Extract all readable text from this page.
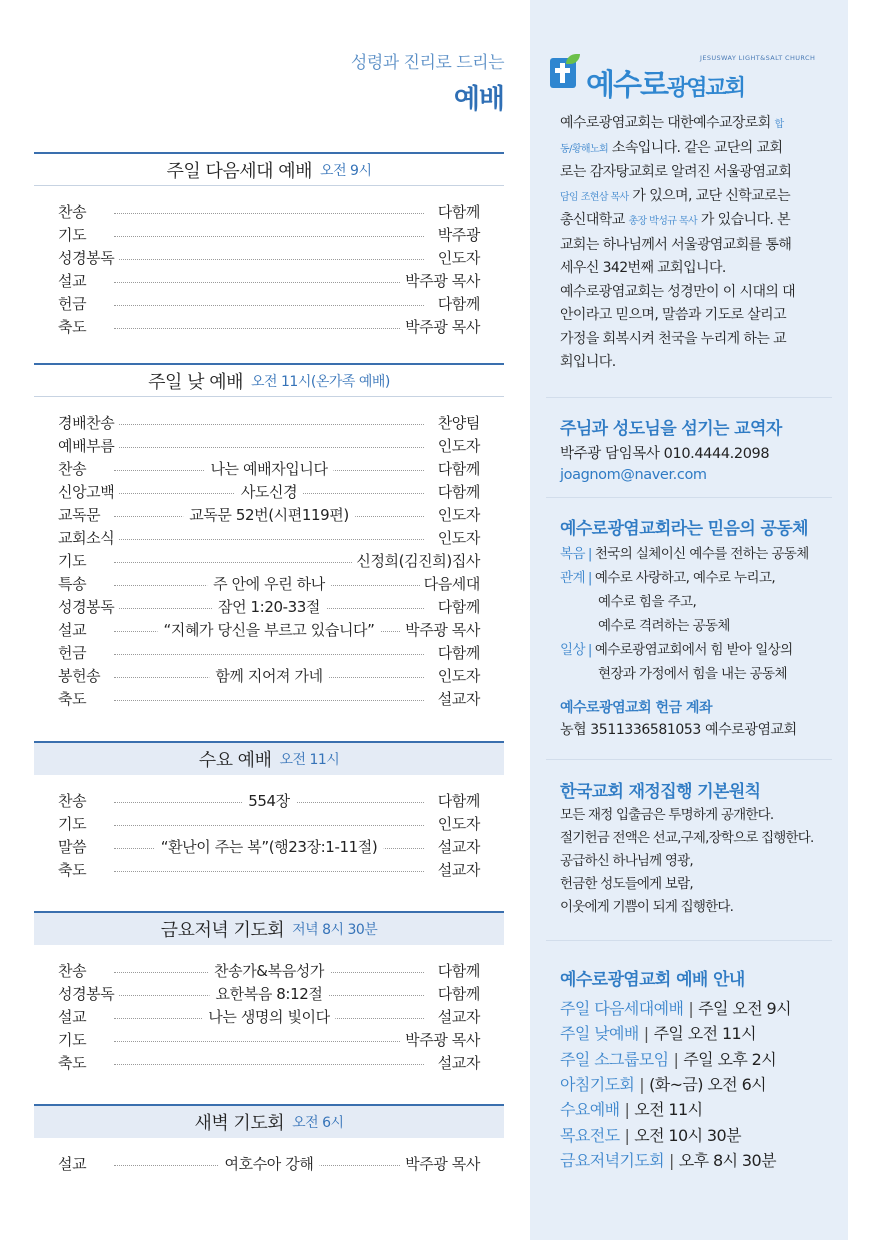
성령과 진리로 드리는
예배
주일 다음세대 예배 오전 9시
찬송	다함께
기도	박주광
성경봉독	인도자
설교	박주광 목사
헌금	다함께
축도	박주광 목사
주일 낮 예배 오전 11시(온가족 예배)
경배찬송	찬양팀
예배부름	인도자
찬송	나는 예배자입니다	다함께
신앙고백	사도신경	다함께
교독문	교독문 52번(시편119편)	인도자
교회소식	인도자
기도	신정희(김진희)집사
특송	주 안에 우린 하나	다음세대
성경봉독	잠언 1:20-33절	다함께
설교	“지혜가 당신을 부르고 있습니다”	박주광 목사
헌금	다함께
봉헌송	함께 지어져 가네	인도자
축도	설교자
수요 예배 오전 11시
찬송	554장	다함께
기도	인도자
말씀	“환난이 주는 복”(행23장:1-11절)	설교자
축도	설교자
금요저녁 기도회 저녁 8시 30분
찬송	찬송가&복음성가	다함께
성경봉독	요한복음 8:12절	다함께
설교	나는 생명의 빛이다	설교자
기도	박주광 목사
축도	설교자
새벽 기도회 오전 6시
설교	여호수아 강해	박주광 목사
JESUSWAY LIGHT&SALT CHURCH
예수로광염교회
예수로광염교회는 대한예수교장로회 합
동/황해노회 소속입니다. 같은 교단의 교회
로는 감자탕교회로 알려진 서울광염교회
담임 조현삼 목사 가 있으며, 교단 신학교로는
총신대학교 총장 박성규 목사 가 있습니다. 본
교회는 하나님께서 서울광염교회를 통해
세우신 342번째 교회입니다.
예수로광염교회는 성경만이 이 시대의 대
안이라고 믿으며, 말씀과 기도로 살리고
가정을 회복시켜 천국을 누리게 하는 교
회입니다.
주님과 성도님을 섬기는 교역자
박주광 담임목사 010.4444.2098
joagnom@naver.com
예수로광염교회라는 믿음의 공동체
복음 | 천국의 실체이신 예수를 전하는 공동체
관계 | 예수로 사랑하고, 예수로 누리고,
예수로 힘을 주고,
예수로 격려하는 공동체
일상 | 예수로광염교회에서 힘 받아 일상의
현장과 가정에서 힘을 내는 공동체
예수로광염교회 헌금 계좌
농협 3511336581053 예수로광염교회
한국교회 재정집행 기본원칙
모든 재정 입출금은 투명하게 공개한다.
절기헌금 전액은 선교,구제,장학으로 집행한다.
공급하신 하나님께 영광,
헌금한 성도들에게 보람,
이웃에게 기쁨이 되게 집행한다.
예수로광염교회 예배 안내
주일 다음세대예배 | 주일 오전 9시
주일 낮예배 | 주일 오전 11시
주일 소그룹모임 | 주일 오후 2시
아침기도회 | (화~금) 오전 6시
수요예배 | 오전 11시
목요전도 | 오전 10시 30분
금요저녁기도회 | 오후 8시 30분
